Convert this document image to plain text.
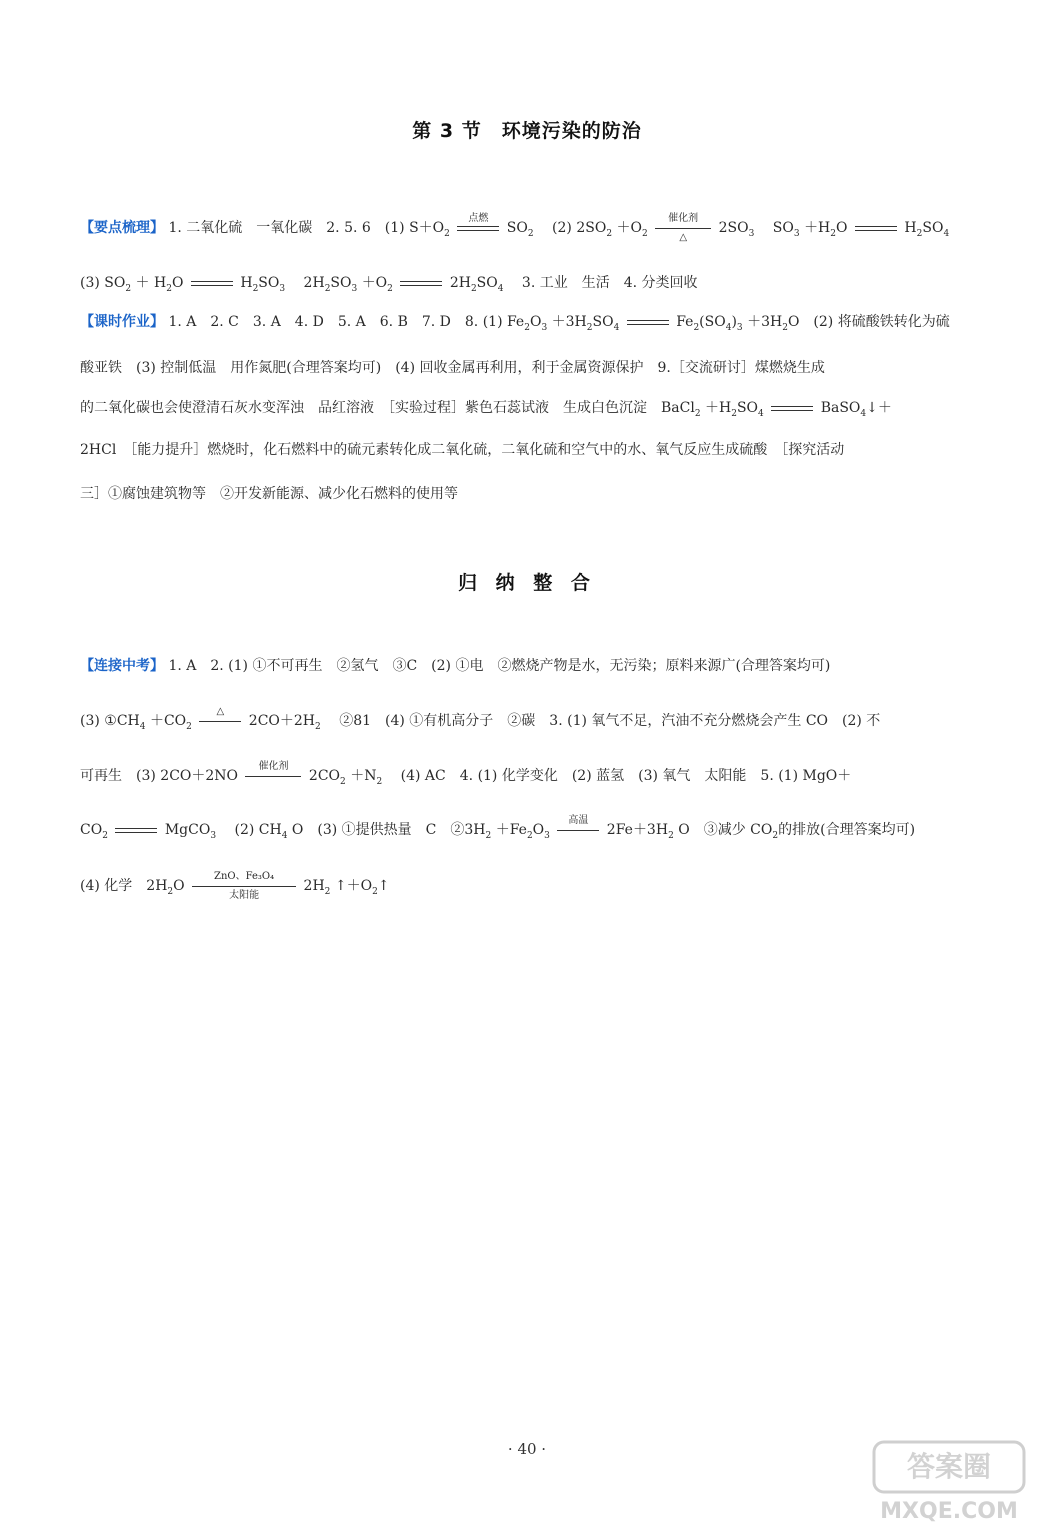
第 3 节　环境污染的防治
【要点梳理】 1. 二氧化硫　一氧化碳　2. 5. 6　(1) $S+O_2$
点燃
$SO_2$ 　(2) $2SO_2 +O_2$
催化剂
△
$2SO_3$ 　$SO_3 +H_2O$	$H_2SO_4$
(3) $SO_2 + H_2O$	$H_2SO_3$ 　$2H_2SO_3 +O_2$	$2H_2SO_4$ 　3. 工业　生活　4. 分类回收
【课时作业】 1. A　2. C　3. A　4. D　5. A　6. B　7. D　8. (1) $Fe_2O_3 +3H_2SO_4$	$Fe_2(SO_4)_3 +3H_2O$　(2) 将硫酸铁转化为硫
酸亚铁　(3) 控制低温　用作氮肥(合理答案均可)　(4) 回收金属再利用，利于金属资源保护　9.［交流研讨］煤燃烧生成
的二氧化碳也会使澄清石灰水变浑浊　品红溶液　［实验过程］紫色石蕊试液　生成白色沉淀　BaCl$_2$ $+H_2SO_4$	BaSO$_4$↓＋
2HCl　［能力提升］燃烧时，化石燃料中的硫元素转化成二氧化硫，二氧化硫和空气中的水、氧气反应生成硫酸　［探究活动
三］①腐蚀建筑物等　②开发新能源、减少化石燃料的使用等
归 纳 整 合
【连接中考】 1. A　2. (1) ①不可再生　②氢气　③C　(2) ①电　②燃烧产物是水，无污染；原料来源广(合理答案均可)
(3) $①CH_4 +CO_2$
△
$2CO+2H_2$ 　②81　(4) ①有机高分子　②碳　3. (1) 氧气不足，汽油不充分燃烧会产生 CO　(2) 不
可再生　(3) 2CO＋2NO
催化剂
$2CO_2 +N_2$ 　(4) AC　4. (1) 化学变化　(2) 蓝氢　(3) 氧气　太阳能　5. (1) MgO＋
$CO_2$	MgCO$_3$ 　(2) $CH_4$ O　(3) ①提供热量　C　$②3H_2 +Fe_2O_3$
高温
$2Fe+3H_2$ O　③减少 $CO_2$的排放(合理答案均可)
(4) 化学　$2H_2O$
ZnO、Fe₃O₄
太阳能
$2H_2$ $↑+O_2↑$
· 40 ·
答案圈
MXQE.COM
